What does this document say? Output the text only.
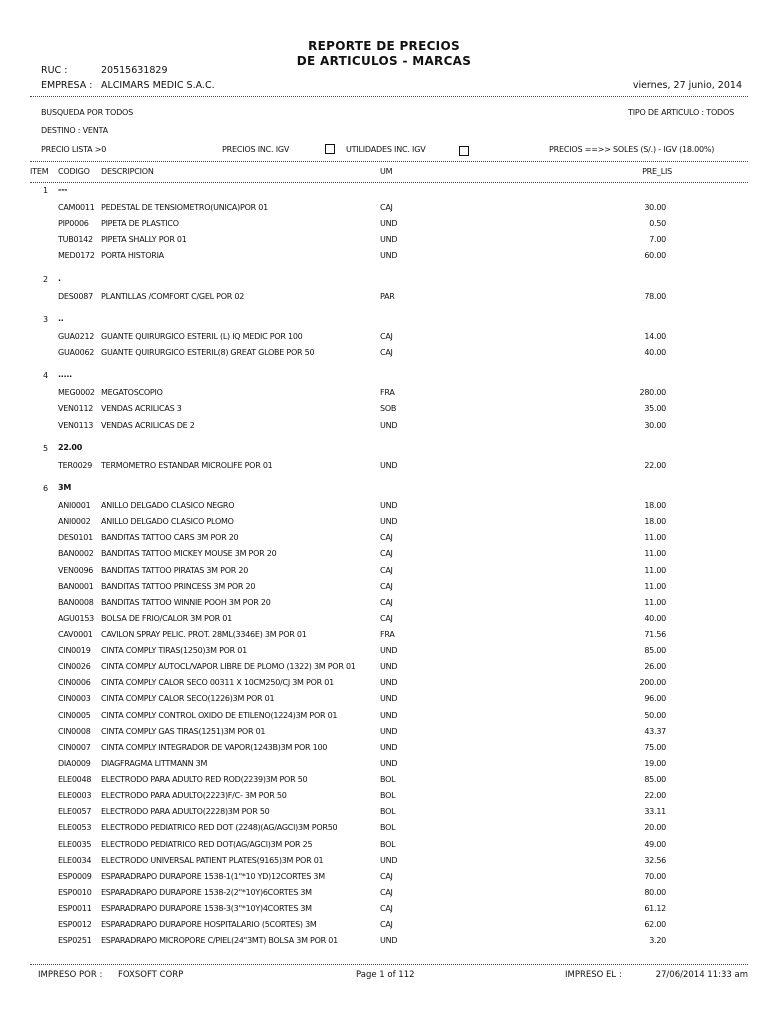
REPORTE DE PRECIOS
DE ARTICULOS - MARCAS
RUC :	20515631829
EMPRESA : ALCIMARS MEDIC S.A.C.	viernes, 27 junio, 2014
BUSQUEDA POR TODOS	TIPO DE ARTICULO : TODOS
DESTINO : VENTA
PRECIO LISTA >0	PRECIOS INC. IGV	UTILIDADES INC. IGV	PRECIOS ==>> SOLES (S/.) - IGV (18.00%)
ITEM CODIGO DESCRIPCION	UM	PRE_LIS
1 ---
CAM0011 PEDESTAL DE TENSIOMETRO(UNICA)POR 01	CAJ	30.00
PIP0006 PIPETA DE PLASTICO	UND	0.50
TUB0142 PIPETA SHALLY POR 01	UND	7.00
MED0172 PORTA HISTORIA	UND	60.00
2 .
DES0087 PLANTILLAS /COMFORT C/GEL POR 02	PAR	78.00
3 ..
GUA0212 GUANTE QUIRURGICO ESTERIL (L) IQ MEDIC POR 100	CAJ	14.00
GUA0062 GUANTE QUIRURGICO ESTERIL(8) GREAT GLOBE POR 50	CAJ	40.00
4 .....
MEG0002 MEGATOSCOPIO	FRA	280.00
VEN0112 VENDAS ACRILICAS 3	SOB	35.00
VEN0113 VENDAS ACRILICAS DE 2	UND	30.00
5 22.00
TER0029 TERMOMETRO ESTANDAR MICROLIFE POR 01	UND	22.00
6 3M
ANI0001 ANILLO DELGADO CLASICO NEGRO	UND	18.00
ANI0002 ANILLO DELGADO CLASICO PLOMO	UND	18.00
DES0101 BANDITAS TATTOO CARS 3M POR 20	CAJ	11.00
BAN0002 BANDITAS TATTOO MICKEY MOUSE 3M POR 20	CAJ	11.00
VEN0096 BANDITAS TATTOO PIRATAS 3M POR 20	CAJ	11.00
BAN0001 BANDITAS TATTOO PRINCESS 3M POR 20	CAJ	11.00
BAN0008 BANDITAS TATTOO WINNIE POOH 3M POR 20	CAJ	11.00
AGU0153 BOLSA DE FRIO/CALOR 3M POR 01	CAJ	40.00
CAV0001 CAVILON SPRAY PELIC. PROT. 28ML(3346E) 3M POR 01	FRA	71.56
CIN0019 CINTA COMPLY TIRAS(1250)3M POR 01	UND	85.00
CIN0026 CINTA COMPLY AUTOCL/VAPOR LIBRE DE PLOMO (1322) 3M POR 01	UND	26.00
CIN0006 CINTA COMPLY CALOR SECO 00311 X 10CM250/CJ 3M POR 01	UND	200.00
CIN0003 CINTA COMPLY CALOR SECO(1226)3M POR 01	UND	96.00
CIN0005 CINTA COMPLY CONTROL OXIDO DE ETILENO(1224)3M POR 01	UND	50.00
CIN0008 CINTA COMPLY GAS TIRAS(1251)3M POR 01	UND	43.37
CIN0007 CINTA COMPLY INTEGRADOR DE VAPOR(1243B)3M POR 100	UND	75.00
DIA0009 DIAGFRAGMA LITTMANN 3M	UND	19.00
ELE0048 ELECTRODO PARA ADULTO RED ROD(2239)3M POR 50	BOL	85.00
ELE0003 ELECTRODO PARA ADULTO(2223)F/C- 3M POR 50	BOL	22.00
ELE0057 ELECTRODO PARA ADULTO(2228)3M POR 50	BOL	33.11
ELE0053 ELECTRODO PEDIATRICO RED DOT (2248)(AG/AGCl)3M POR50	BOL	20.00
ELE0035 ELECTRODO PEDIATRICO RED DOT(AG/AGCl)3M POR 25	BOL	49.00
ELE0034 ELECTRODO UNIVERSAL PATIENT PLATES(9165)3M POR 01	UND	32.56
ESP0009 ESPARADRAPO DURAPORE 1538-1(1"*10 YD)12CORTES 3M	CAJ	70.00
ESP0010 ESPARADRAPO DURAPORE 1538-2(2"*10Y)6CORTES 3M	CAJ	80.00
ESP0011 ESPARADRAPO DURAPORE 1538-3(3"*10Y)4CORTES 3M	CAJ	61.12
ESP0012 ESPARADRAPO DURAPORE HOSPITALARIO (5CORTES) 3M	CAJ	62.00
ESP0251 ESPARADRAPO MICROPORE C/PIEL(24"3MT) BOLSA 3M POR 01	UND	3.20
IMPRESO POR : FOXSOFT CORP	Page 1 of 112	IMPRESO EL :	27/06/2014 11:33 am
